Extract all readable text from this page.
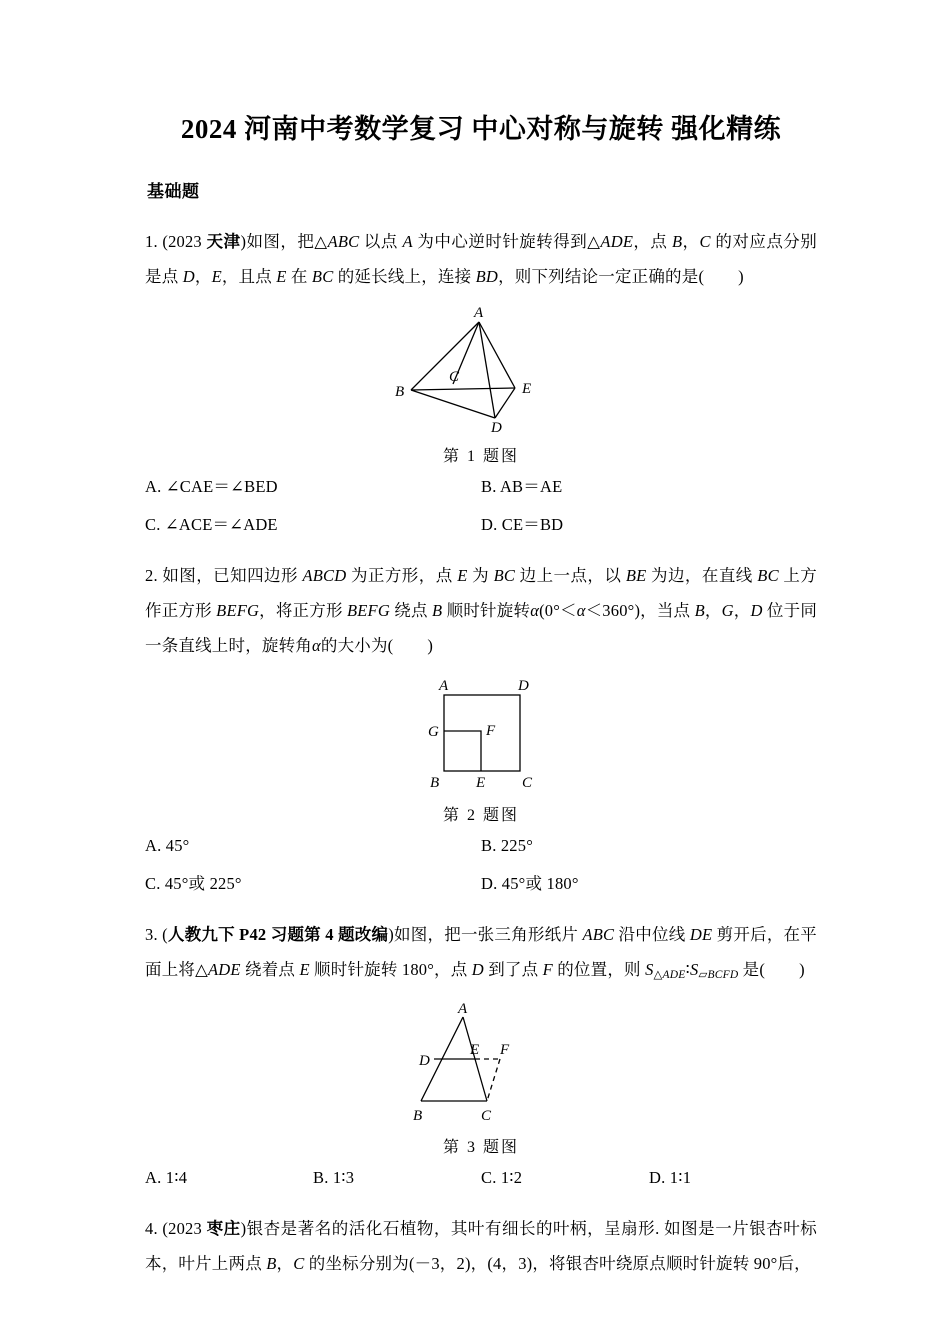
2024 河南中考数学复习 中心对称与旋转 强化精练
基础题
1. (2023 天津)如图，把△ABC 以点 A 为中心逆时针旋转得到△ADE，点 B，C 的对应点分别 是点 D，E，且点 E 在 BC 的延长线上，连接 BD，则下列结论一定正确的是( )
A
B
C
D
E
第 1 题图
A. ∠CAE＝∠BED	B. AB＝AE
C. ∠ACE＝∠ADE	D. CE＝BD
2. 如图，已知四边形 ABCD 为正方形，点 E 为 BC 边上一点，以 BE 为边，在直线 BC 上方作正方形 BEFG，将正方形 BEFG 绕点 B 顺时针旋转α(0°＜α＜360°)，当点 B，G，D 位于同一条直线上时，旋转角α的大小为( )
A	D
G	F
B E C
第 2 题图
A. 45°	B. 225°
C. 45°或 225°	D. 45°或 180°
3. (人教九下 P42 习题第 4 题改编)如图，把一张三角形纸片 ABC 沿中位线 DE 剪开后，在平面上将△ADE 绕着点 E 顺时针旋转 180°，点 D 到了点 F 的位置，则 $S_{\triangle ADE}∶S_{▱BCFD}$ 是( )
A
D
E F
B	C
第 3 题图
A. 1∶4	B. 1∶3	C. 1∶2	D. 1∶1
4. (2023 枣庄)银杏是著名的活化石植物，其叶有细长的叶柄，呈扇形. 如图是一片银杏叶标本，叶片上两点 B，C 的坐标分别为(－3，2)，(4，3)，将银杏叶绕原点顺时针旋转 90°后，
